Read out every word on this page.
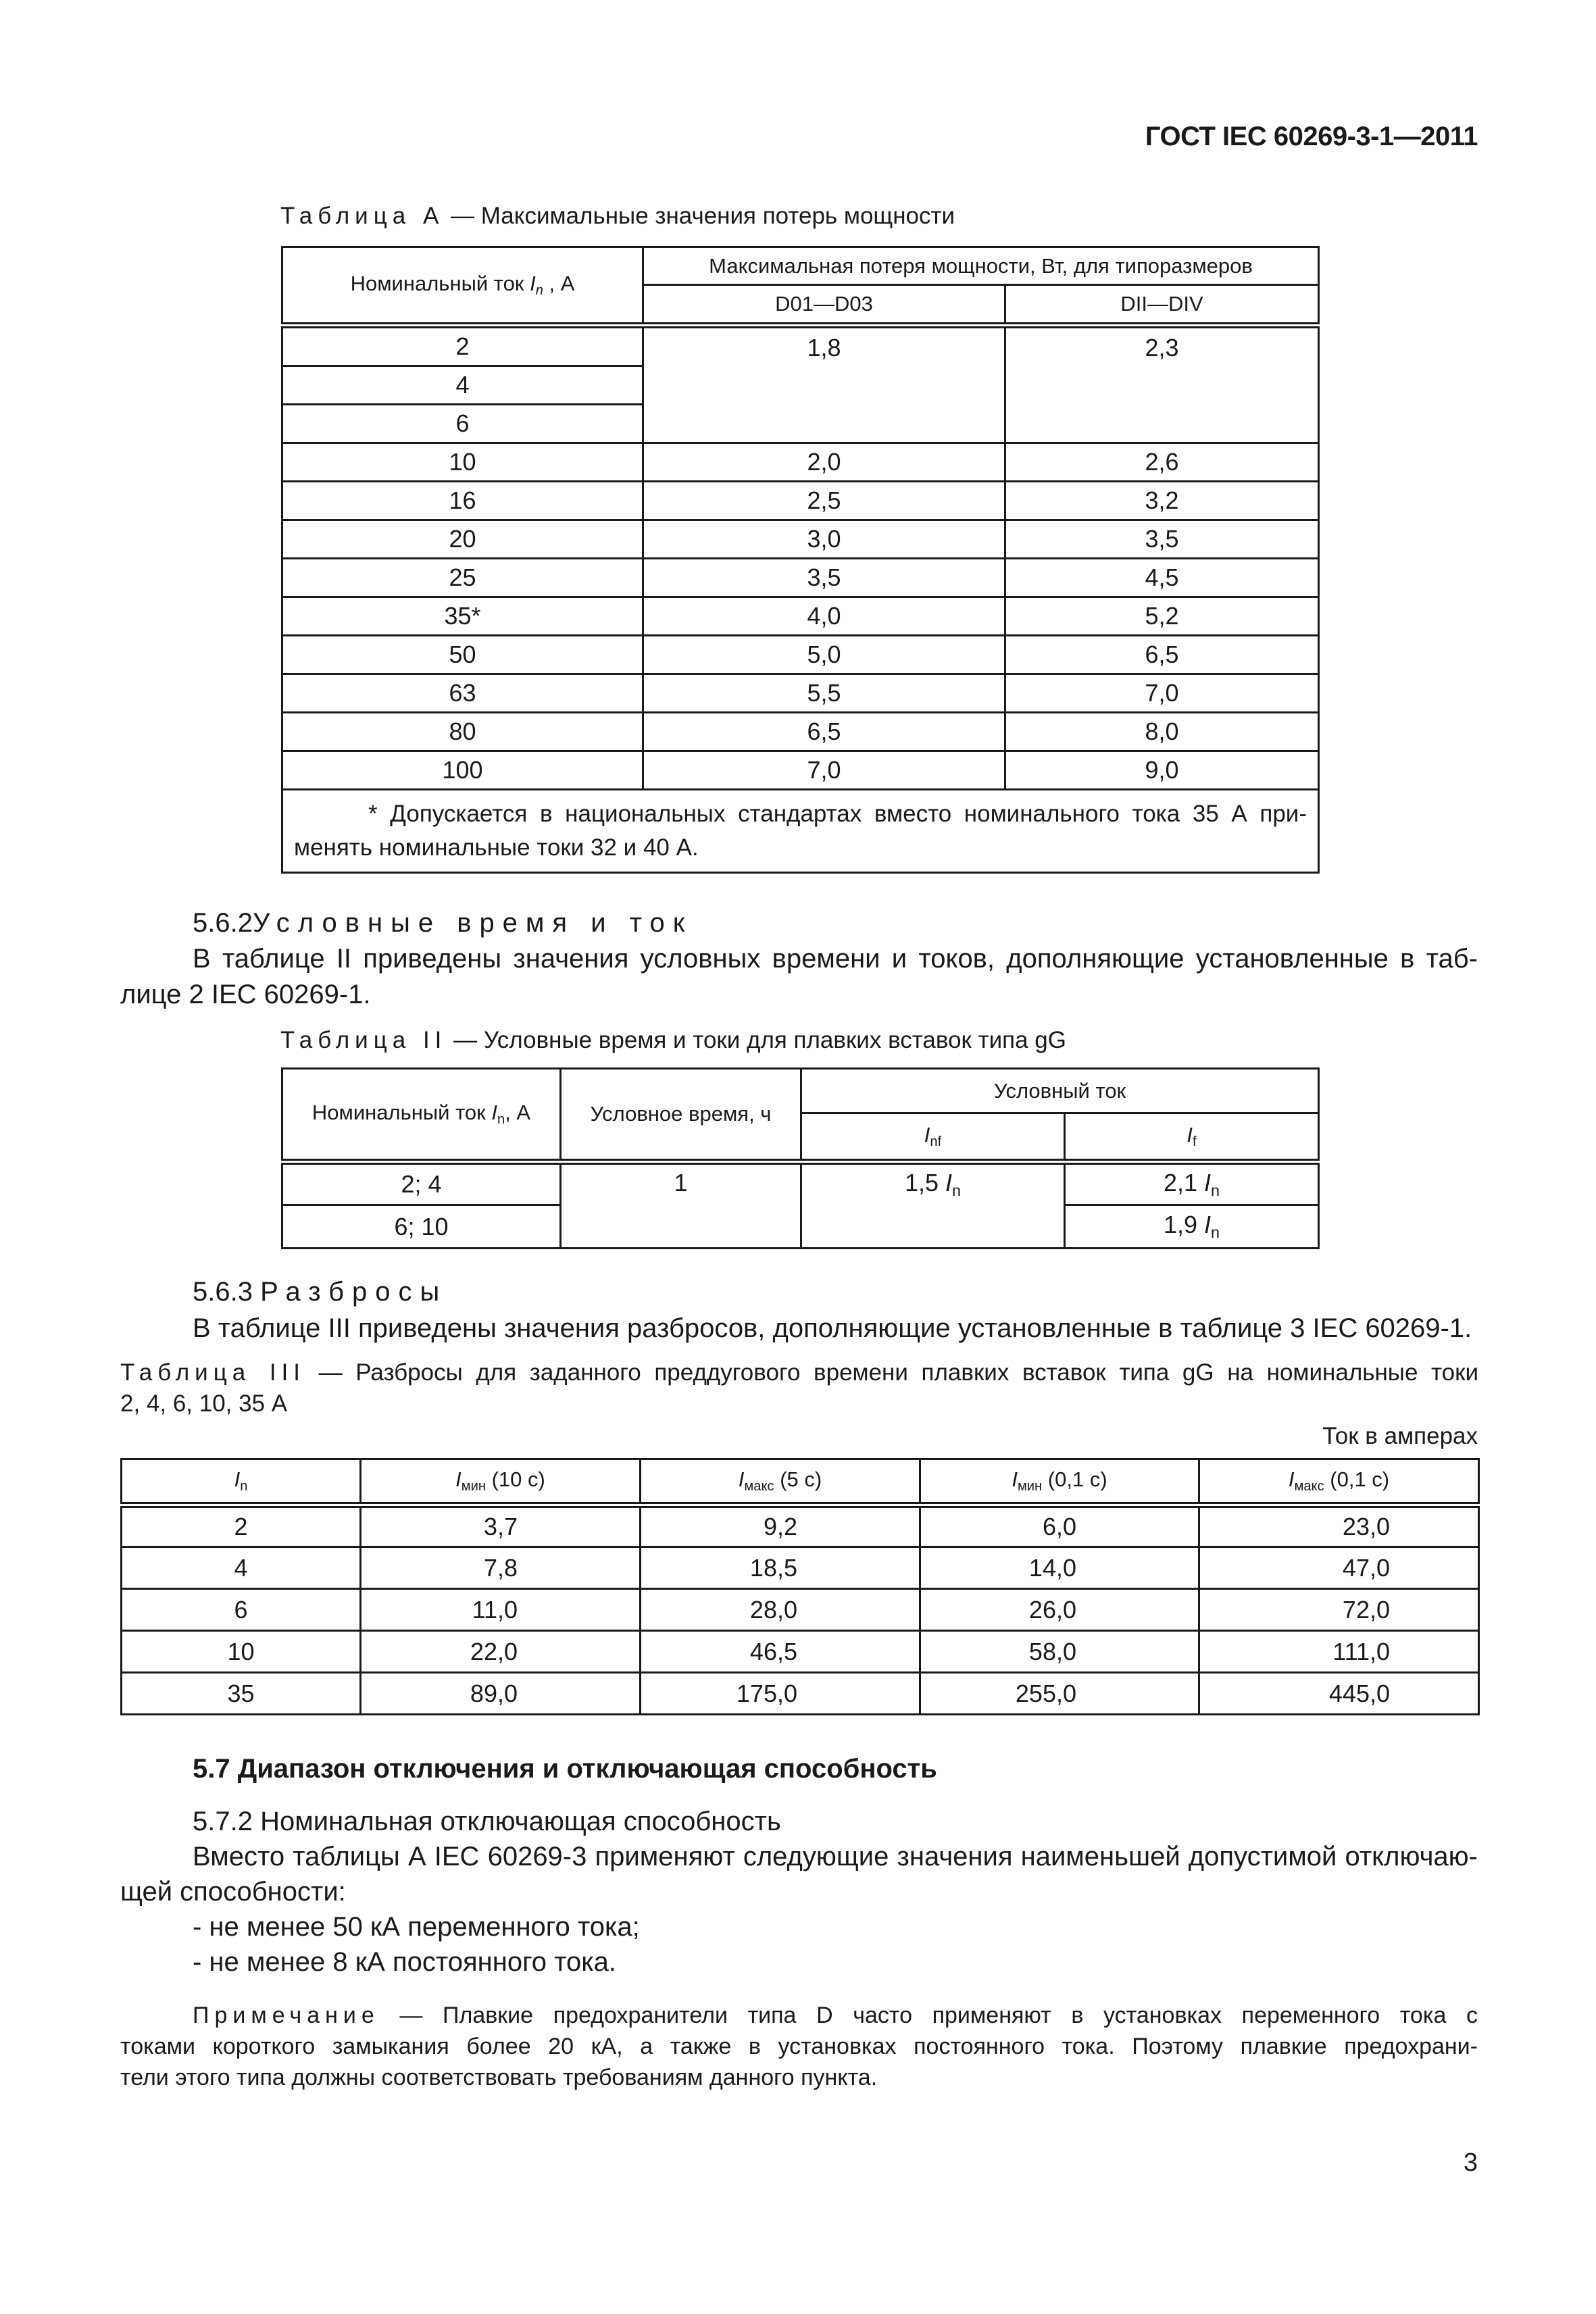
ГОСТ IEC 60269-3-1—2011
Таблица А — Максимальные значения потерь мощности
Номинальный ток $I_n$ , А	Максимальная потеря мощности, Вт, для типоразмеров	
	D01—D03	DII—DIV
2	1,8	2,3
4		
6		
10	2,0	2,6
16	2,5	3,2
20	3,0	3,5
25	3,5	4,5
35*	4,0	5,2
50	5,0	6,5
63	5,5	7,0
80	6,5	8,0
100	7,0	9,0

* Допускается в национальных стандартах вместо номинального тока 35 А при-
менять номинальные токи 32 и 40 А.		
5.6.2Условные время и ток
В таблице II приведены значения условных времени и токов, дополняющие установленные в таб-
лице 2 IEC 60269-1.
Таблица II — Условные время и токи для плавких вставок типа gG
Номинальный ток $I_n$, А	Условное время, ч	Условный ток	
		$I_{nf}$	$I_f$
2; 4	1	1,5 $I_n$	2,1 $I_n$
6; 10			1,9 $I_n$
5.6.3 Разбросы
В таблице III приведены значения разбросов, дополняющие установленные в таблице 3 IEC 60269-1.
Таблица III — Разбросы для заданного преддугового времени плавких вставок типа gG на номинальные токи
2, 4, 6, 10, 35 А
Ток в амперах
$I_n$	$I_{мин}$ (10 с)	$I_{макс}$ (5 с)	$I_{мин}$ (0,1 с)	$I_{макс}$ (0,1 с)
2	3,7	9,2	6,0	23,0
4	7,8	18,5	14,0	47,0
6	11,0	28,0	26,0	72,0
10	22,0	46,5	58,0	111,0
35	89,0	175,0	255,0	445,0
5.7 Диапазон отключения и отключающая способность
5.7.2 Номинальная отключающая способность
Вместо таблицы А IEC 60269-3 применяют следующие значения наименьшей допустимой отключаю-
щей способности:
- не менее 50 кА переменного тока;
- не менее 8 кА постоянного тока.
Примечание — Плавкие предохранители типа D часто применяют в установках переменного тока с
токами короткого замыкания более 20 кА, а также в установках постоянного тока. Поэтому плавкие предохрани-
тели этого типа должны соответствовать требованиям данного пункта.
3
